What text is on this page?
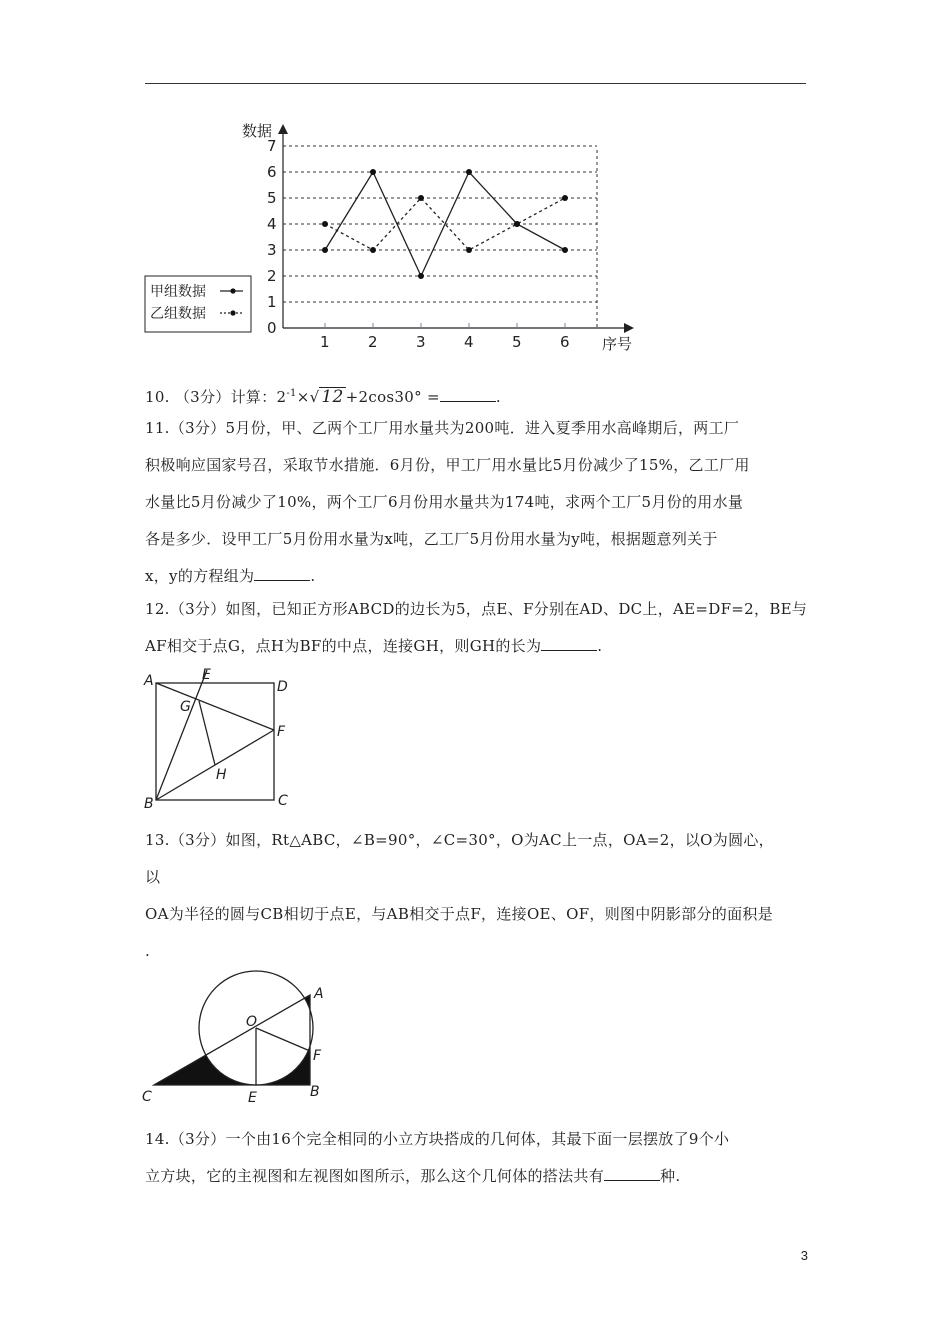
0
1
2
3
4
5
6
7
1	2	3	4	5	6
数据
序号
甲组数据
乙组数据
10. （3分）计算：$2^{-1}\times√$ 12 +2cos30° =	.
11.（3分）5月份，甲、乙两个工厂用水量共为200吨．进入夏季用水高峰期后，两工厂
积极响应国家号召，采取节水措施．6月份，甲工厂用水量比5月份减少了15%，乙工厂用
水量比5月份减少了10%，两个工厂6月份用水量共为174吨，求两个工厂5月份的用水量
各是多少．设甲工厂5月份用水量为x吨，乙工厂5月份用水量为y吨，根据题意列关于
x，y的方程组为	.
12.（3分）如图，已知正方形ABCD的边长为5，点E、F分别在AD、DC上，AE=DF=2，BE与
AF相交于点G，点H为BF的中点，连接GH，则GH的长为	.
A	E
D
G
F
H
B	C
13.（3分）如图，Rt△ABC，∠B=90°，∠C=30°，O为AC上一点，OA=2，以O为圆心，
以
OA为半径的圆与CB相切于点E，与AB相交于点F，连接OE、OF，则图中阴影部分的面积是
.
A
O
F
C	E	B
14.（3分）一个由16个完全相同的小立方块搭成的几何体，其最下面一层摆放了9个小
立方块，它的主视图和左视图如图所示，那么这个几何体的搭法共有	种.
3
